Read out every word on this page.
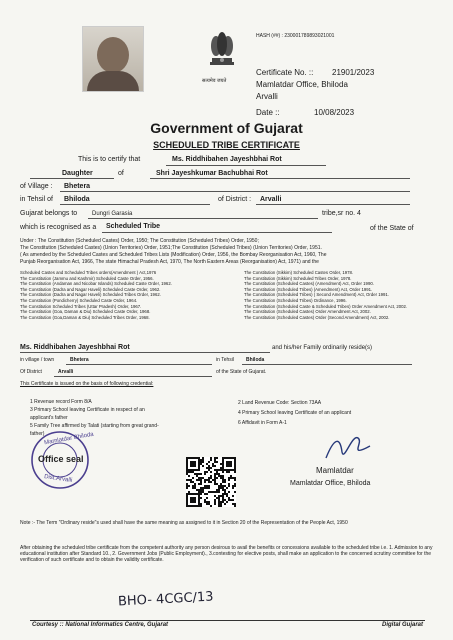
सत्यमेव जयते
HASH (##) : 230001789893021001
Certificate No. :: 21901/2023
Mamlatdar Office, Bhiloda
Arvalli
Date ::	10/08/2023
Government of Gujarat
SCHEDULED TRIBE CERTIFICATE
This is to certify that	Ms. Riddhibahen Jayeshbhai Rot
Daughter	of	Shri Jayeshkumar Bachubhai Rot
of Village : Bhetera
in Tehsil of Bhiloda	of District : Arvalli
Gujarat belongs to Dungri Garasia	tribe,sr no. 4
which is recognised as a Scheduled Tribe	of the State of
Under : The Constitution (Scheduled Castes) Order, 1950; The Constitution (Scheduled Tribes) Order, 1950;
The Constitution (Scheduled Castes) (Union Territories) Order, 1951;The Constitution (Scheduled Tribes) (Union Territories) Order, 1951.
( As amended by the Scheduled Castes and Scheduled Tribes Lists (Modification) Order, 1956, the Bombay Reorganisation Act, 1960, The
Punjab Reorganisation Act, 1966, The state Himachal Pradesh Act, 1970, The North Eastern Areas (Reorganisation) Act, 1971) and the
Scheduled Castes and Scheduled Tribes orders(Amendment ) Act,1976
The Constitution (Jammu and Kashmir) Scheduled Caste Order, 1956.
The Constitution (Andaman and Nicobar Islands) Scheduled Caste Order, 1962.
The Constitution (Dadra and Nagar Haveli) Scheduled Caste Order, 1962.
The Constitution (Dadra and Nagar Haveli) Scheduled Tribes Order, 1962.
The Constitution (Pondicherry) Scheduled Caste Order, 1964.
The Constitution Scheduled Tribes (Uttar Pradesh) Order, 1967.
The Constitution (Goa, Daman & Diu) Scheduled Caste Order, 1968.
The Constitution (Goa,Daman & Diu) Scheduled Tribes Order, 1968.
The Constitution (Sikkim) Scheduled Castes Order, 1978.
The Constitution (Sikkim) Scheduled Tribes Order, 1978.
The Constitution (Scheduled Castes) (Amendment) Act, Order 1990.
The Constitution (Scheduled Tribes) (Amendment) Act, Order 1991.
The Constitution (Scheduled Tribes) ( Second Amendment) Act, Order 1991.
The Constitution (Scheduled Tribes) Ordinance, 1996.
The Constitution (Scheduled Caste & Scheduled Tribes) Order Amendment Act, 2002.
The Constitution (Scheduled Castes) Order Amendment Act, 2002.
The Constitution (Scheduled Castes) Order (Second Amendment) Act, 2002.
Ms. Riddhibahen Jayeshbhai Rot	and his/her Family ordinarily reside(s)
in village / town	Bhetera	in Tehsil Bhiloda
Of District	Arvalli	of the State of Gujarat.
This Certificate is issued on the basis of following credential:
1 Revenue record Form 8/A
3 Primary School leaving Certificate in respect of an
applicant's father
5 Family Tree affirmed by Talati (starting from great grand-
father)
2 Land Revenue Code: Section 73AA
4 Primary School leaving Certificate of an applicant
6 Affidavit in Form A-1
Mamlatdar Bhiloda
Office seal
Dist.Arvalli
Mamlatdar
Mamlatdar Office, Bhiloda
Note :- The Term "Ordinary reside"s used shall have the same meaning as assigned to it in Section 20 of the Representation of the People Act, 1950
After obtaining the scheduled tribe certificate from the competent authority any person desirous to avail the benefits or concessions available to the scheduled tribe i.e. 1. Admission to any educational institution after Standard 10., 2. Government Jobs (Public Employment)., 3.contesting for elective posts, shall make an application to the concerned scrutiny committee for the verification of such certificate and to obtain the validity certificate.
BHO- 4CGC/13
Courtesy :: National Informatics Centre, Gujarat	Digital Gujarat
